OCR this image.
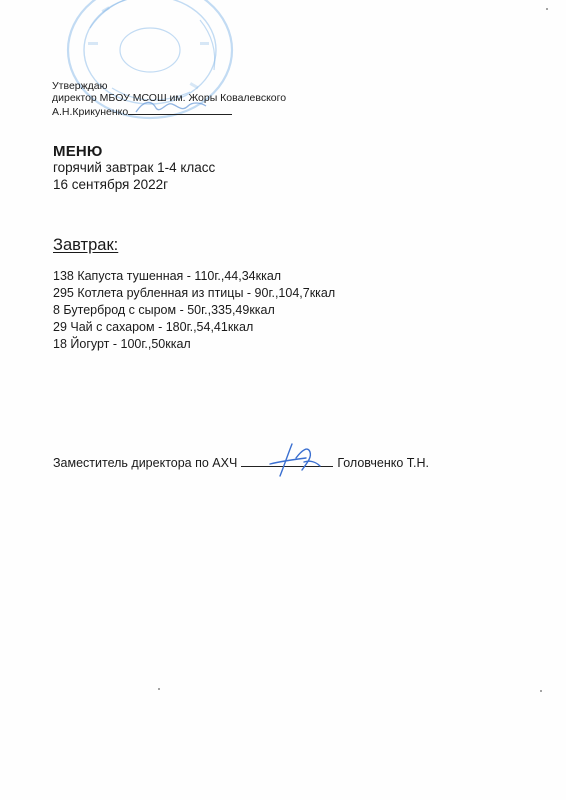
Утверждаю
директор МБОУ МСОШ им. Жоры Ковалевского
А.Н.Крикуненко
МЕНЮ
горячий завтрак 1-4 класс
16 сентября 2022г
Завтрак:
138 Капуста тушенная - 110г.,44,34ккал
295 Котлета рубленная из птицы - 90г.,104,7ккал
8 Бутерброд с сыром - 50г.,335,49ккал
29 Чай с сахаром - 180г.,54,41ккал
18 Йогурт - 100г.,50ккал
Заместитель директора по АХЧ	Головченко Т.Н.
